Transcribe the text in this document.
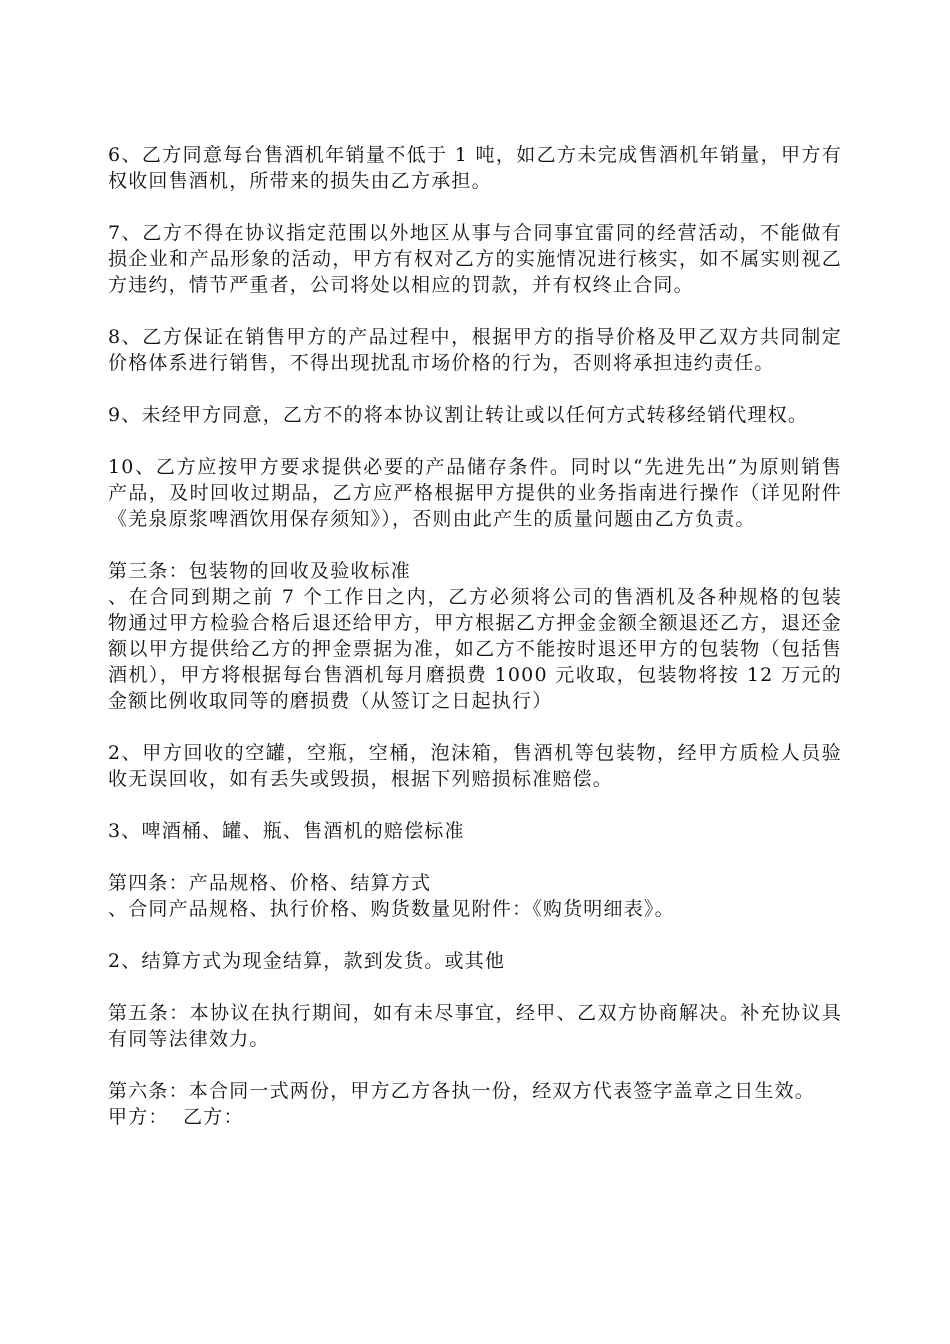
6、乙方同意每台售酒机年销量不低于 1 吨，如乙方未完成售酒机年销量，甲方有权收回售酒机，所带来的损失由乙方承担。

7、乙方不得在协议指定范围以外地区从事与合同事宜雷同的经营活动，不能做有损企业和产品形象的活动，甲方有权对乙方的实施情况进行核实，如不属实则视乙方违约，情节严重者，公司将处以相应的罚款，并有权终止合同。

8、乙方保证在销售甲方的产品过程中，根据甲方的指导价格及甲乙双方共同制定价格体系进行销售，不得出现扰乱市场价格的行为，否则将承担违约责任。

9、未经甲方同意，乙方不的将本协议割让转让或以任何方式转移经销代理权。

10、乙方应按甲方要求提供必要的产品储存条件。同时以“先进先出”为原则销售产品，及时回收过期品，乙方应严格根据甲方提供的业务指南进行操作（详见附件《羌泉原浆啤酒饮用保存须知》），否则由此产生的质量问题由乙方负责。

第三条：包装物的回收及验收标准

、在合同到期之前 7 个工作日之内，乙方必须将公司的售酒机及各种规格的包装物通过甲方检验合格后退还给甲方，甲方根据乙方押金金额全额退还乙方，退还金额以甲方提供给乙方的押金票据为准，如乙方不能按时退还甲方的包装物（包括售酒机），甲方将根据每台售酒机每月磨损费 1000 元收取，包装物将按 12 万元的金额比例收取同等的磨损费（从签订之日起执行）

2、甲方回收的空罐，空瓶，空桶，泡沫箱，售酒机等包装物，经甲方质检人员验收无误回收，如有丢失或毁损，根据下列赔损标准赔偿。

3、啤酒桶、罐、瓶、售酒机的赔偿标准

第四条：产品规格、价格、结算方式

、合同产品规格、执行价格、购货数量见附件：《购货明细表》。

2、结算方式为现金结算，款到发货。或其他

第五条：本协议在执行期间，如有未尽事宜，经甲、乙双方协商解决。补充协议具有同等法律效力。

第六条：本合同一式两份，甲方乙方各执一份，经双方代表签字盖章之日生效。

甲方：  乙方：
